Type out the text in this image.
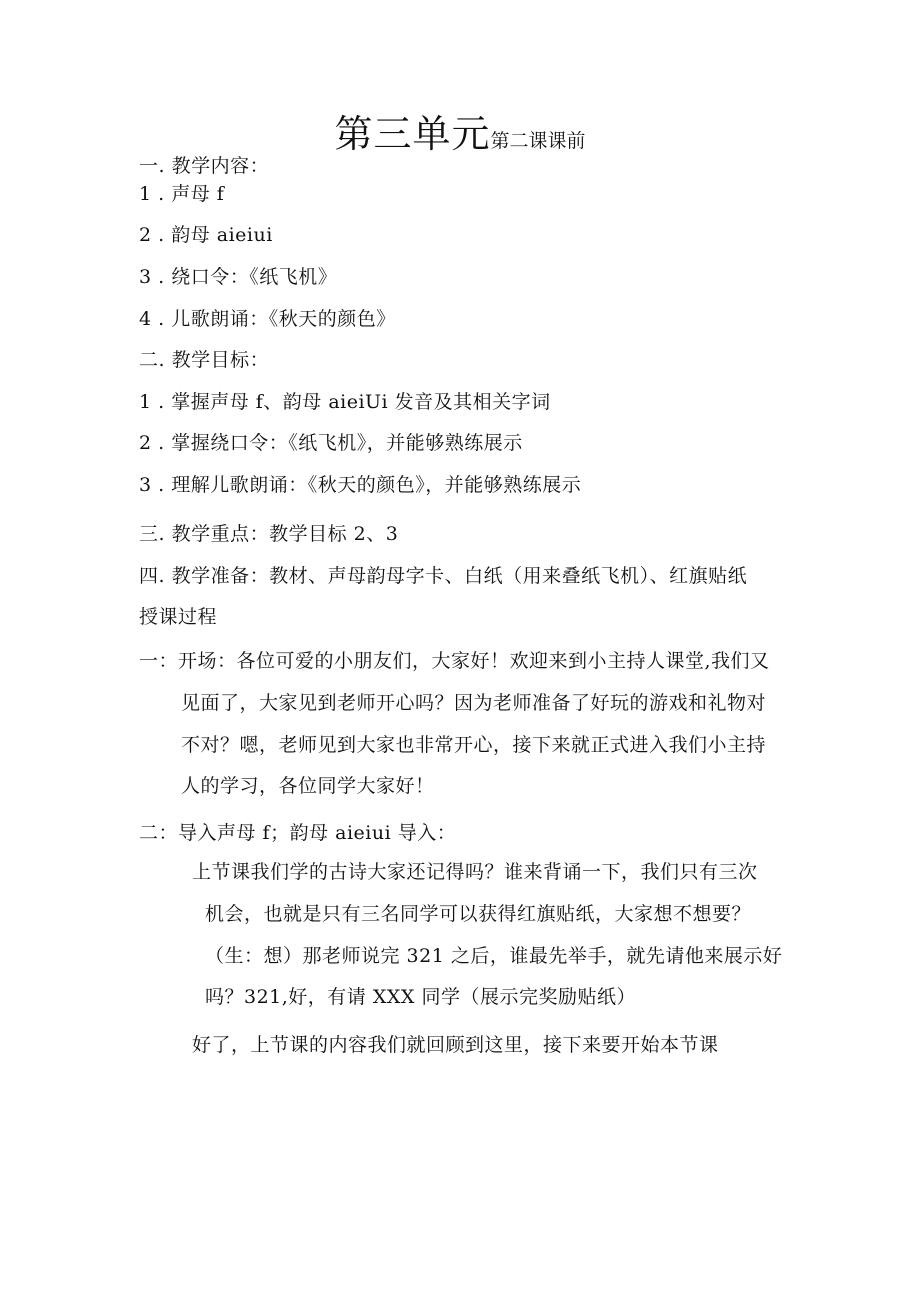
第三单元第二课课前
一. 教学内容：
1 . 声母 f
2 . 韵母 aieiui
3 . 绕口令：《纸飞机》
4 . 儿歌朗诵：《秋天的颜色》
二. 教学目标：
1 . 掌握声母 f、韵母 aieiUi 发音及其相关字词
2 . 掌握绕口令：《纸飞机》，并能够熟练展示
3 . 理解儿歌朗诵：《秋天的颜色》，并能够熟练展示
三. 教学重点：教学目标 2、3
四. 教学准备：教材、声母韵母字卡、白纸（用来叠纸飞机）、红旗贴纸
授课过程
一：开场：各位可爱的小朋友们，大家好！欢迎来到小主持人课堂,我们又
见面了，大家见到老师开心吗？因为老师准备了好玩的游戏和礼物对
不对？嗯，老师见到大家也非常开心，接下来就正式进入我们小主持
人的学习，各位同学大家好！
二：导入声母 f；韵母 aieiui 导入：
上节课我们学的古诗大家还记得吗？谁来背诵一下，我们只有三次
机会，也就是只有三名同学可以获得红旗贴纸，大家想不想要？
（生：想）那老师说完 321 之后，谁最先举手，就先请他来展示好
吗？321,好，有请 XXX 同学（展示完奖励贴纸）
好了，上节课的内容我们就回顾到这里，接下来要开始本节课
